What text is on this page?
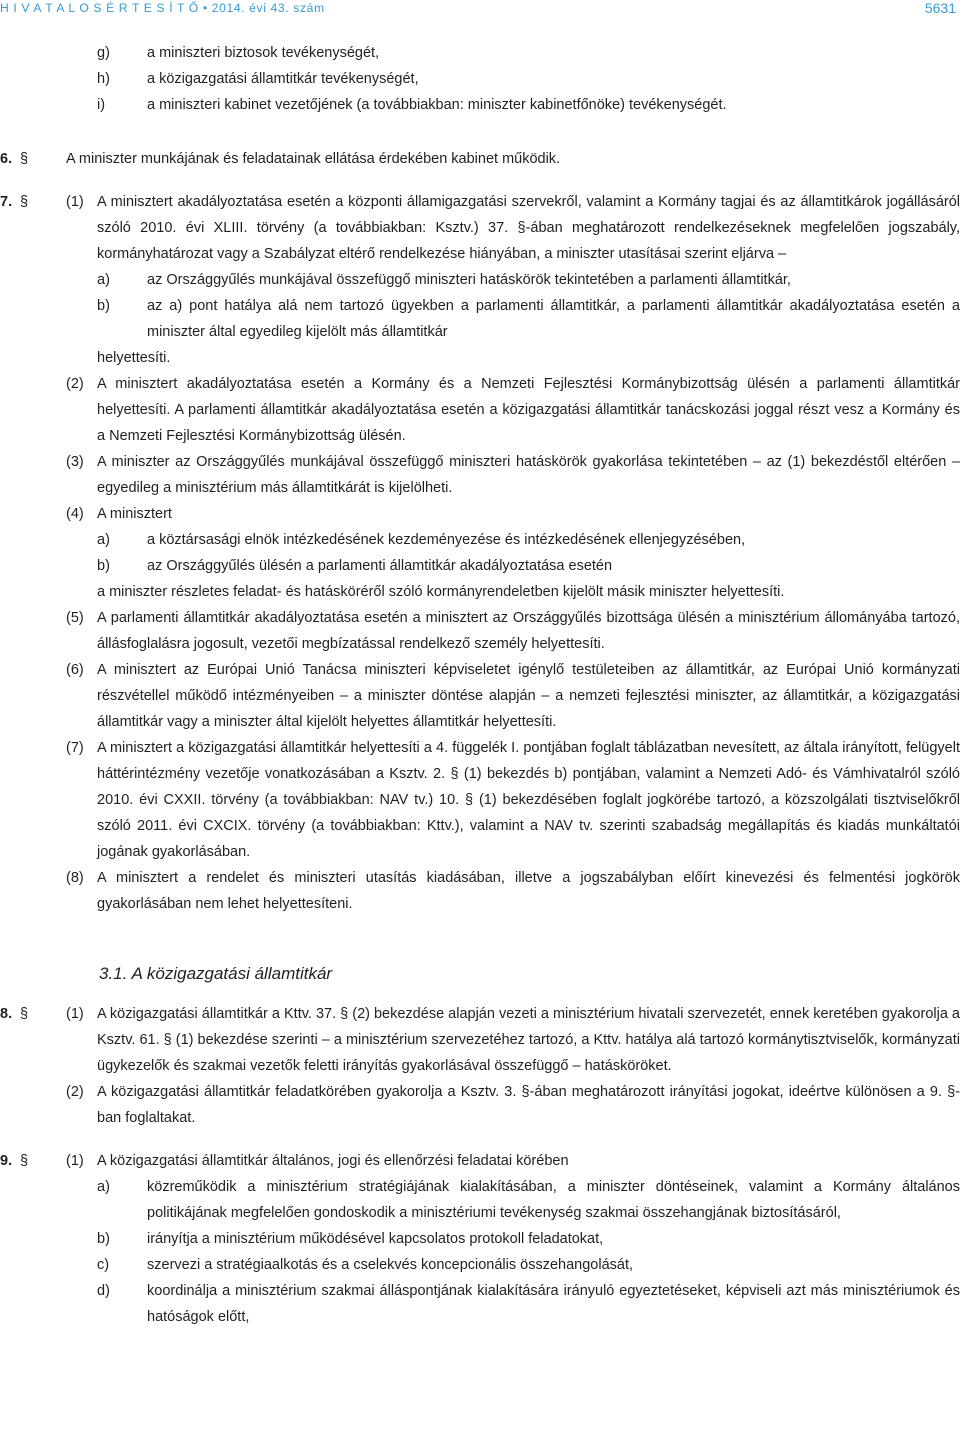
H I V A T A L O S É R T E S Í T Ő • 2014. évi 43. szám	5631
g)	a miniszteri biztosok tevékenységét,
h)	a közigazgatási államtitkár tevékenységét,
i)	a miniszteri kabinet vezetőjének (a továbbiakban: miniszter kabinetfőnöke) tevékenységét.
6. §	A miniszter munkájának és feladatainak ellátása érdekében kabinet működik.
7. §	(1) A minisztert akadályoztatása esetén a központi államigazgatási szervekről, valamint a Kormány tagjai és az államtitkárok jogállásáról szóló 2010. évi XLIII. törvény (a továbbiakban: Ksztv.) 37. §-ában meghatározott rendelkezéseknek megfelelően jogszabály, kormányhatározat vagy a Szabályzat eltérő rendelkezése hiányában, a miniszter utasításai szerint eljárva –
a)	az Országgyűlés munkájával összefüggő miniszteri hatáskörök tekintetében a parlamenti államtitkár,
b)	az a) pont hatálya alá nem tartozó ügyekben a parlamenti államtitkár, a parlamenti államtitkár akadályoztatása esetén a miniszter által egyedileg kijelölt más államtitkár
helyettesíti.
(2) A minisztert akadályoztatása esetén a Kormány és a Nemzeti Fejlesztési Kormánybizottság ülésén a parlamenti államtitkár helyettesíti. A parlamenti államtitkár akadályoztatása esetén a közigazgatási államtitkár tanácskozási joggal részt vesz a Kormány és a Nemzeti Fejlesztési Kormánybizottság ülésén.
(3) A miniszter az Országgyűlés munkájával összefüggő miniszteri hatáskörök gyakorlása tekintetében – az (1) bekezdéstől eltérően – egyedileg a minisztérium más államtitkárát is kijelölheti.
(4) A minisztert
a)	a köztársasági elnök intézkedésének kezdeményezése és intézkedésének ellenjegyzésében,
b)	az Országgyűlés ülésén a parlamenti államtitkár akadályoztatása esetén
a miniszter részletes feladat- és hatásköréről szóló kormányrendeletben kijelölt másik miniszter helyettesíti.
(5) A parlamenti államtitkár akadályoztatása esetén a minisztert az Országgyűlés bizottsága ülésén a minisztérium állományába tartozó, állásfoglalásra jogosult, vezetői megbízatással rendelkező személy helyettesíti.
(6) A minisztert az Európai Unió Tanácsa miniszteri képviseletet igénylő testületeiben az államtitkár, az Európai Unió kormányzati részvétellel működő intézményeiben – a miniszter döntése alapján – a nemzeti fejlesztési miniszter, az államtitkár, a közigazgatási államtitkár vagy a miniszter által kijelölt helyettes államtitkár helyettesíti.
(7) A minisztert a közigazgatási államtitkár helyettesíti a 4. függelék I. pontjában foglalt táblázatban nevesített, az általa irányított, felügyelt háttérintézmény vezetője vonatkozásában a Ksztv. 2. § (1) bekezdés b) pontjában, valamint a Nemzeti Adó- és Vámhivatalról szóló 2010. évi CXXII. törvény (a továbbiakban: NAV tv.) 10. § (1) bekezdésében foglalt jogkörébe tartozó, a közszolgálati tisztviselőkről szóló 2011. évi CXCIX. törvény (a továbbiakban: Kttv.), valamint a NAV tv. szerinti szabadság megállapítás és kiadás munkáltatói jogának gyakorlásában.
(8) A minisztert a rendelet és miniszteri utasítás kiadásában, illetve a jogszabályban előírt kinevezési és felmentési jogkörök gyakorlásában nem lehet helyettesíteni.
3.1. A közigazgatási államtitkár
8. §	(1) A közigazgatási államtitkár a Kttv. 37. § (2) bekezdése alapján vezeti a minisztérium hivatali szervezetét, ennek keretében gyakorolja a Ksztv. 61. § (1) bekezdése szerinti – a minisztérium szervezetéhez tartozó, a Kttv. hatálya alá tartozó kormánytisztviselők, kormányzati ügykezelők és szakmai vezetők feletti irányítás gyakorlásával összefüggő – hatásköröket.
(2) A közigazgatási államtitkár feladatkörében gyakorolja a Ksztv. 3. §-ában meghatározott irányítási jogokat, ideértve különösen a 9. §-ban foglaltakat.
9. §	(1) A közigazgatási államtitkár általános, jogi és ellenőrzési feladatai körében
a)	közreműködik a minisztérium stratégiájának kialakításában, a miniszter döntéseinek, valamint a Kormány általános politikájának megfelelően gondoskodik a minisztériumi tevékenység szakmai összehangjának biztosításáról,
b)	irányítja a minisztérium működésével kapcsolatos protokoll feladatokat,
c)	szervezi a stratégiaalkotás és a cselekvés koncepcionális összehangolását,
d)	koordinálja a minisztérium szakmai álláspontjának kialakítására irányuló egyeztetéseket, képviseli azt más minisztériumok és hatóságok előtt,
